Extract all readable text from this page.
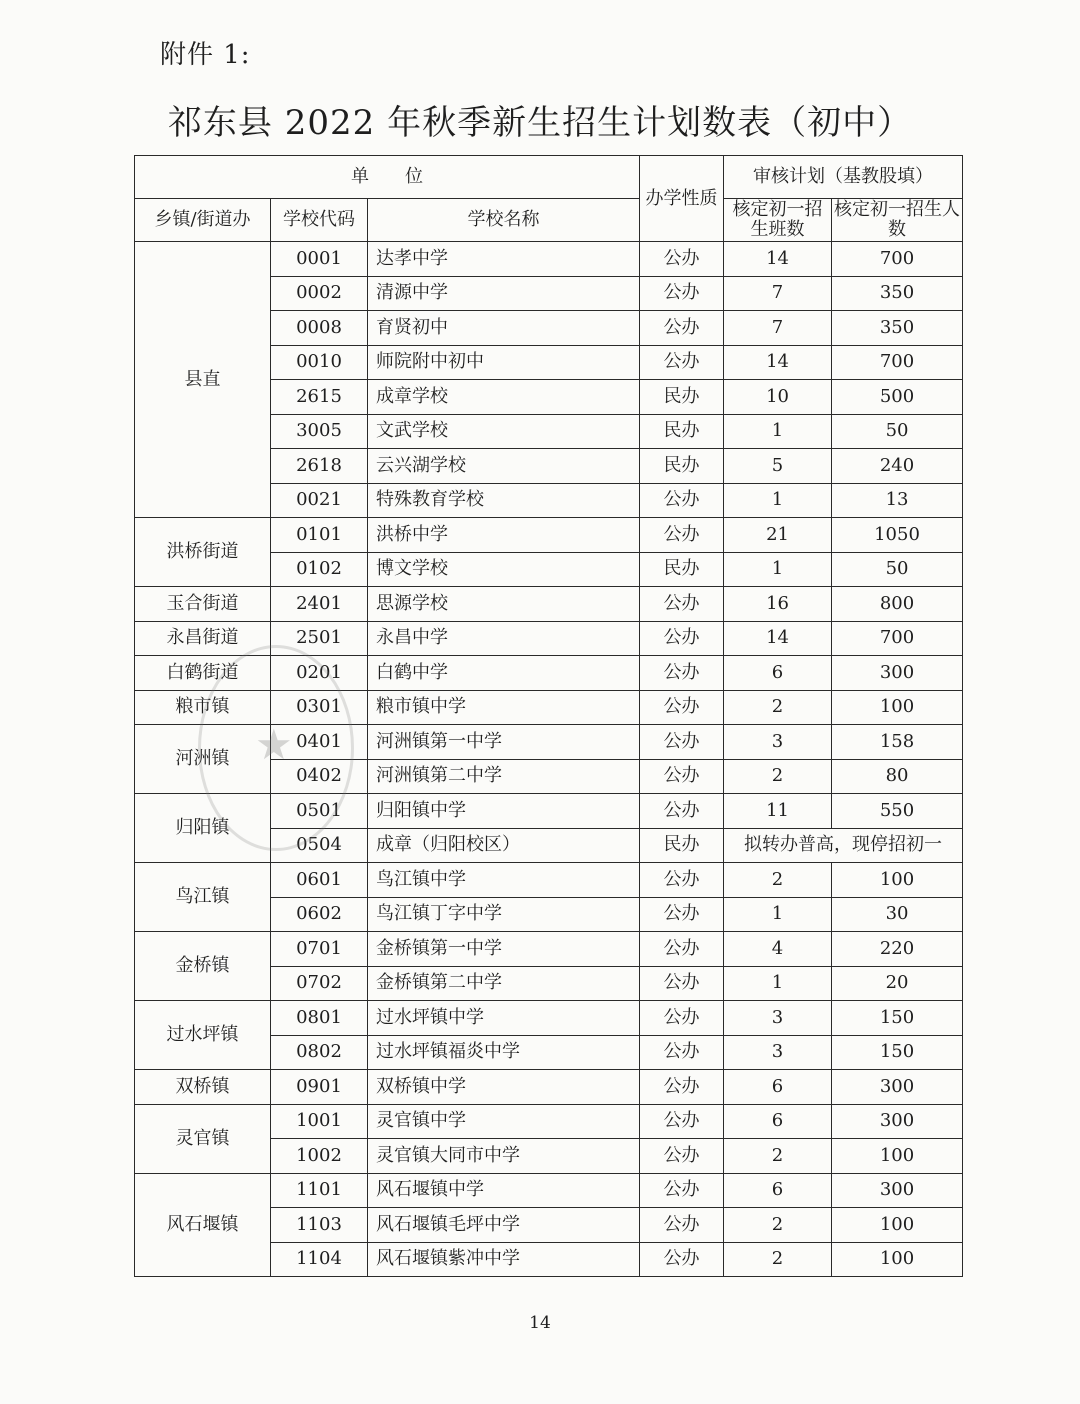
附件 1:
祁东县 2022 年秋季新生招生计划数表（初中）
单　　位			办学性质	审核计划（基教股填）	
乡镇/街道办	学校代码	学校名称		核定初一招生班数	核定初一招生人数
县直	0001	达孝中学	公办	14	700
	0002	清源中学	公办	7	350
	0008	育贤初中	公办	7	350
	0010	师院附中初中	公办	14	700
	2615	成章学校	民办	10	500
	3005	文武学校	民办	1	50
	2618	云兴湖学校	民办	5	240
	0021	特殊教育学校	公办	1	13
洪桥街道	0101	洪桥中学	公办	21	1050
	0102	博文学校	民办	1	50
玉合街道	2401	思源学校	公办	16	800
永昌街道	2501	永昌中学	公办	14	700
白鹤街道	0201	白鹤中学	公办	6	300
粮市镇	0301	粮市镇中学	公办	2	100
河洲镇	0401	河洲镇第一中学	公办	3	158
	0402	河洲镇第二中学	公办	2	80
归阳镇	0501	归阳镇中学	公办	11	550
	0504	成章（归阳校区）	民办	拟转办普高，现停招初一	
鸟江镇	0601	鸟江镇中学	公办	2	100
	0602	鸟江镇丁字中学	公办	1	30
金桥镇	0701	金桥镇第一中学	公办	4	220
	0702	金桥镇第二中学	公办	1	20
过水坪镇	0801	过水坪镇中学	公办	3	150
	0802	过水坪镇福炎中学	公办	3	150
双桥镇	0901	双桥镇中学	公办	6	300
灵官镇	1001	灵官镇中学	公办	6	300
	1002	灵官镇大同市中学	公办	2	100
风石堰镇	1101	风石堰镇中学	公办	6	300
	1103	风石堰镇毛坪中学	公办	2	100
	1104	风石堰镇紫冲中学	公办	2	100
★
14
